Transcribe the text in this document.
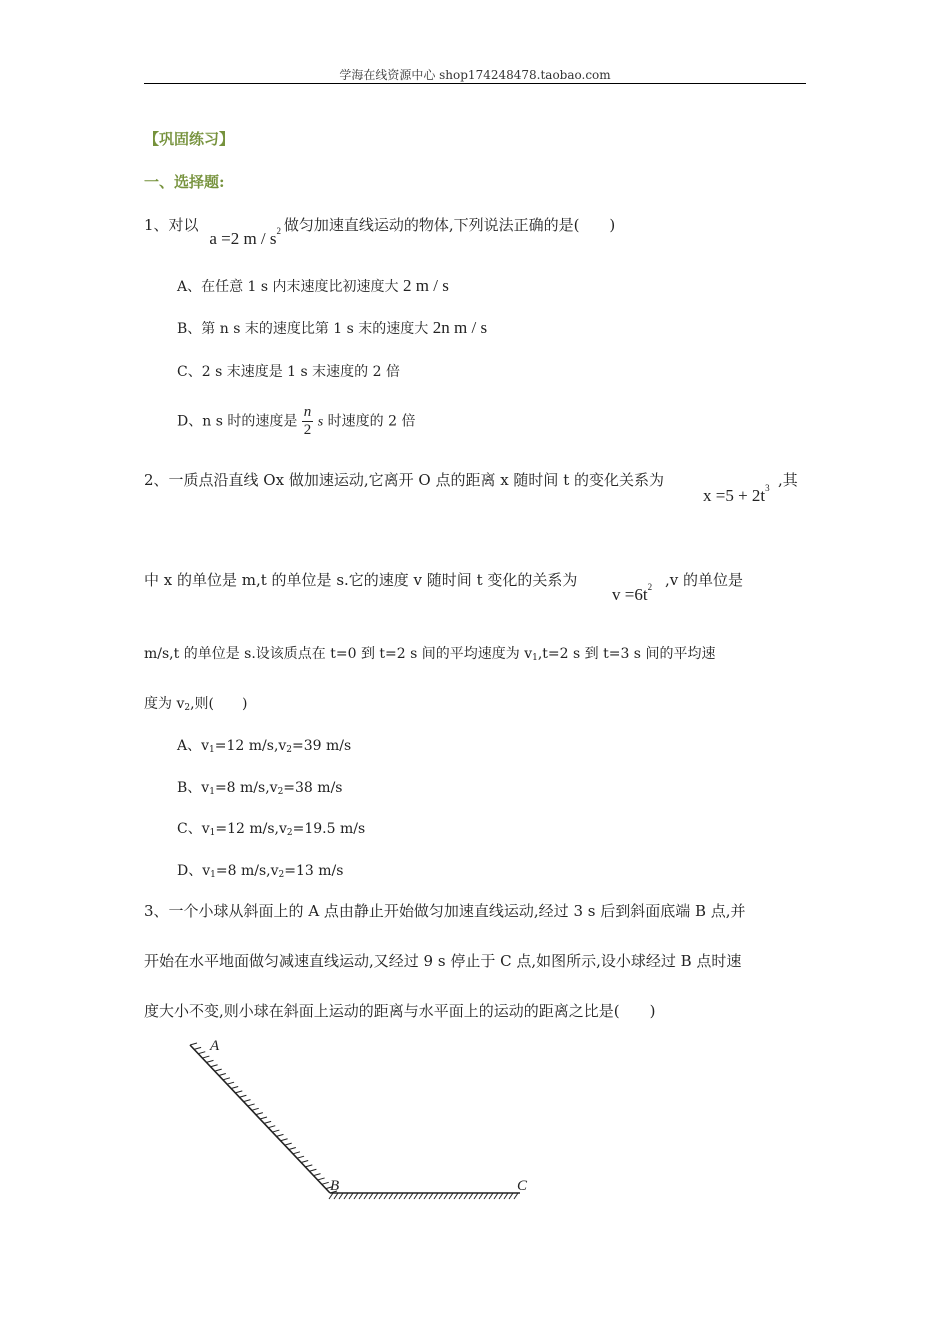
学海在线资源中心 shop174248478.taobao.com
【巩固练习】
一、选择题:
1、对以 a =2 m / $s^2$ 做匀加速直线运动的物体,下列说法正确的是(　　)
A、在任意 1 s 内末速度比初速度大 2 m / s
B、第 n s 末的速度比第 1 s 末的速度大 2n m / s
C、2 s 末速度是 1 s 末速度的 2 倍
D、n s 时的速度是 $\frac{n}{2}$ s 时速度的 2 倍
2、一质点沿直线 Ox 做加速运动,它离开 O 点的距离 x 随时间 t 的变化关系为
$x =5 + 2t^3$ ,其
中 x 的单位是 m,t 的单位是 s.它的速度 v 随时间 t 变化的关系为
$v =6t^2$ ,v 的单位是
m/s,t 的单位是 s.设该质点在 t=0 到 t=2 s 间的平均速度为 $v_1,t=2$ s 到 t=3 s 间的平均速
度为 $v_2$,则(　　)
A、$v_1=12$ $m/s,v_2=39$ m/s
B、$v_1=8$ $m/s,v_2=38$ m/s
C、$v_1=12$ $m/s,v_2=19.5$ m/s
D、$v_1=8$ $m/s,v_2=13$ m/s
3、一个小球从斜面上的 A 点由静止开始做匀加速直线运动,经过 3 s 后到斜面底端 B 点,并
开始在水平地面做匀减速直线运动,又经过 9 s 停止于 C 点,如图所示,设小球经过 B 点时速
度大小不变,则小球在斜面上运动的距离与水平面上的运动的距离之比是(　　)
A
B	C
